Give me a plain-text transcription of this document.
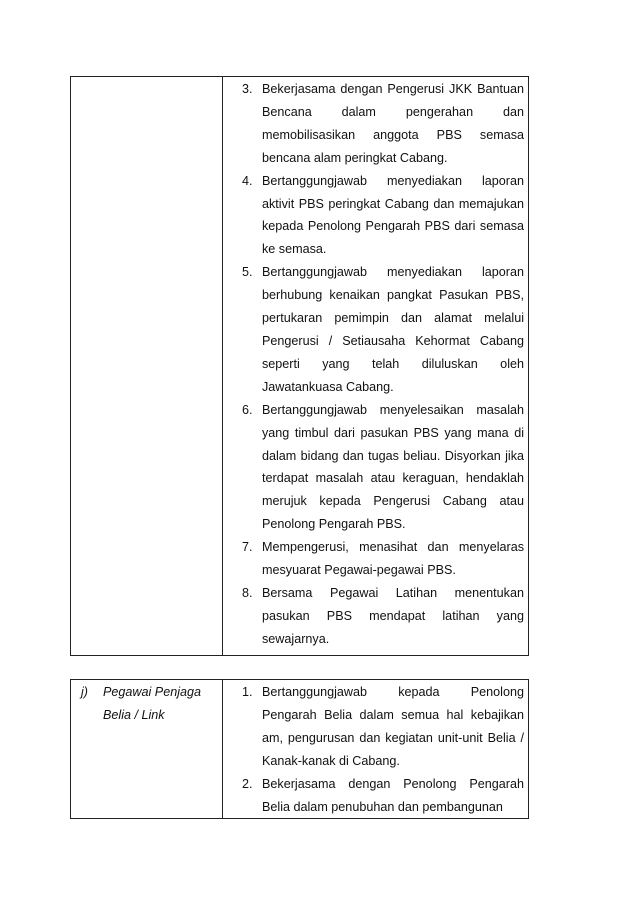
3. Bekerjasama dengan Pengerusi JKK Bantuan Bencana dalam pengerahan dan memobilisasikan anggota PBS semasa bencana alam peringkat Cabang.
4. Bertanggungjawab menyediakan laporan aktivit PBS peringkat Cabang dan memajukan kepada Penolong Pengarah PBS dari semasa ke semasa.
5. Bertanggungjawab menyediakan laporan berhubung kenaikan pangkat Pasukan PBS, pertukaran pemimpin dan alamat melalui Pengerusi / Setiausaha Kehormat Cabang seperti yang telah diluluskan oleh Jawatankuasa Cabang.
6. Bertanggungjawab menyelesaikan masalah yang timbul dari pasukan PBS yang mana di dalam bidang dan tugas beliau. Disyorkan jika terdapat masalah atau keraguan, hendaklah merujuk kepada Pengerusi Cabang atau Penolong Pengarah PBS.
7. Mempengerusi, menasihat dan menyelaras mesyuarat Pegawai-pegawai PBS.
8. Bersama Pegawai Latihan menentukan pasukan PBS mendapat latihan yang sewajarnya.
j)	Pegawai Penjaga Belia / Link
1. Bertanggungjawab kepada Penolong Pengarah Belia dalam semua hal kebajikan am, pengurusan dan kegiatan unit-unit Belia / Kanak-kanak di Cabang.
2. Bekerjasama dengan Penolong Pengarah Belia dalam penubuhan dan pembangunan
